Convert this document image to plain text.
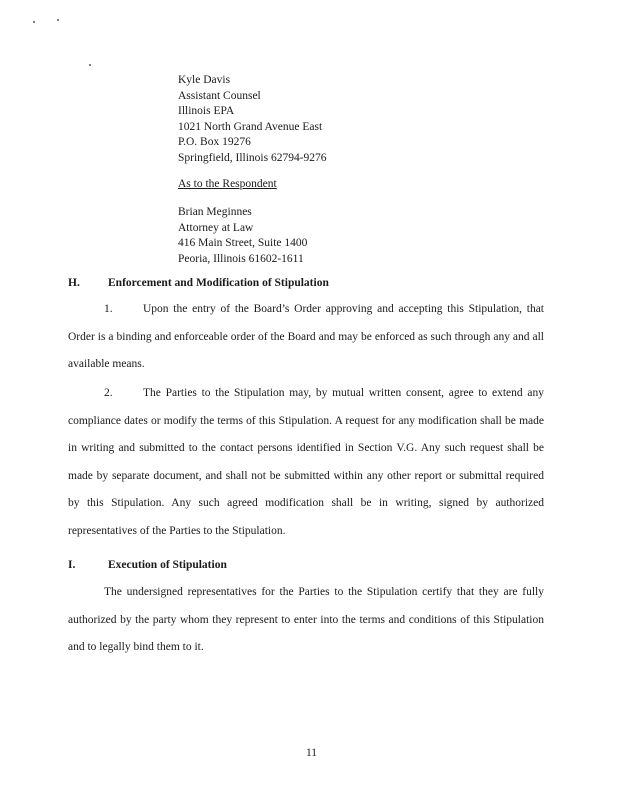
Kyle Davis
Assistant Counsel
Illinois EPA
1021 North Grand Avenue East
P.O. Box 19276
Springfield, Illinois 62794-9276
As to the Respondent
Brian Meginnes
Attorney at Law
416 Main Street, Suite 1400
Peoria, Illinois 61602-1611
H. Enforcement and Modification of Stipulation

1.	Upon the entry of the Board’s Order approving and accepting this Stipulation, that Order is a binding and enforceable order of the Board and may be enforced as such through any and all available means.

2.	The Parties to the Stipulation may, by mutual written consent, agree to extend any compliance dates or modify the terms of this Stipulation. A request for any modification shall be made in writing and submitted to the contact persons identified in Section V.G. Any such request shall be made by separate document, and shall not be submitted within any other report or submittal required by this Stipulation. Any such agreed modification shall be in writing, signed by authorized representatives of the Parties to the Stipulation.

I.	Execution of Stipulation

The undersigned representatives for the Parties to the Stipulation certify that they are fully authorized by the party whom they represent to enter into the terms and conditions of this Stipulation and to legally bind them to it.

11
